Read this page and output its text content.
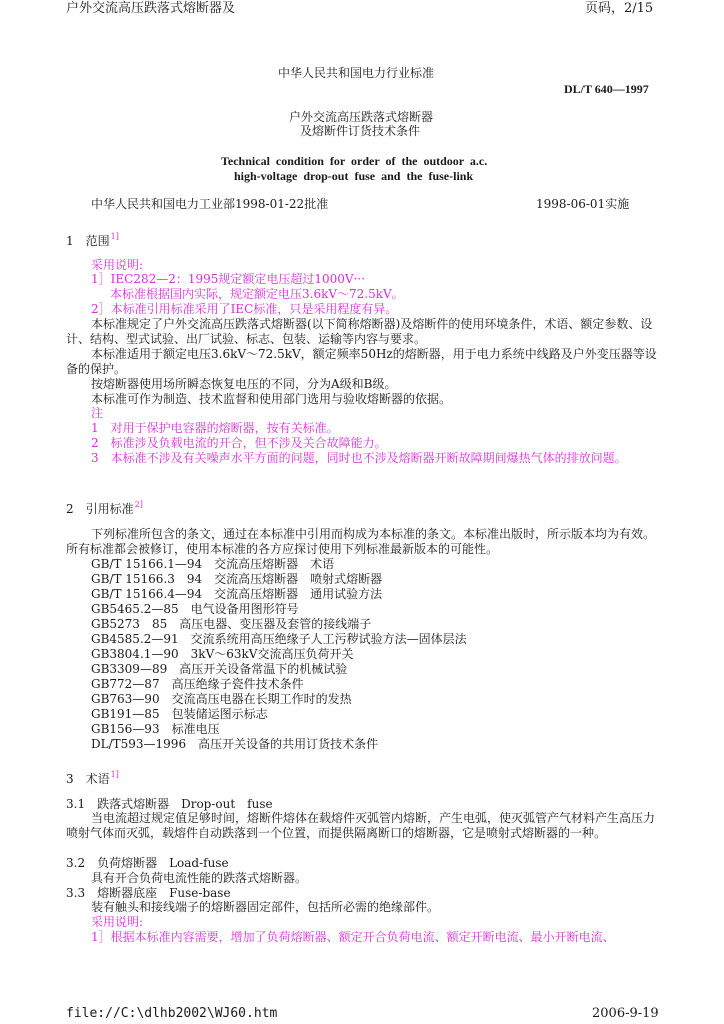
户外交流高压跌落式熔断器及	页码，2/15
中华人民共和国电力行业标准
DL/T 640—1997
户外交流高压跌落式熔断器
及熔断件订货技术条件
Technical condition for order of the outdoor a.c.
high-voltage drop-out fuse and the fuse-link
中华人民共和国电力工业部1998-01-22批准	1998-06-01实施
1　范围$^{1]}$
采用说明:
1］IEC282—2：1995规定额定电压超过1000V···
本标准根据国内实际，规定额定电压3.6kV～72.5kV。
2］本标准引用标准采用了IEC标准，只是采用程度有异。
本标准规定了户外交流高压跌落式熔断器(以下简称熔断器)及熔断件的使用环境条件，术语、额定参数、设计、结构、型式试验、出厂试验、标志、包装、运输等内容与要求。
本标准适用于额定电压3.6kV～72.5kV，额定频率50Hz的熔断器，用于电力系统中线路及户外变压器等设备的保护。
按熔断器使用场所瞬态恢复电压的不同，分为A级和B级。
本标准可作为制造、技术监督和使用部门选用与验收熔断器的依据。
注
1　对用于保护电容器的熔断器，按有关标准。
2　标准涉及负载电流的开合，但不涉及关合故障能力。
3　本标准不涉及有关噪声水平方面的问题，同时也不涉及熔断器开断故障期间爆热气体的排放问题。
2　引用标准$^{2]}$
下列标准所包含的条文，通过在本标准中引用而构成为本标准的条文。本标准出版时，所示版本均为有效。所有标准都会被修订，使用本标准的各方应探讨使用下列标准最新版本的可能性。
GB/T 15166.1—94　交流高压熔断器　术语
GB/T 15166.3　94　交流高压熔断器　喷射式熔断器
GB/T 15166.4—94　交流高压熔断器　通用试验方法
GB5465.2—85　电气设备用图形符号
GB5273　85　高压电器、变压器及套管的接线端子
GB4585.2—91　交流系统用高压绝缘子人工污秽试验方法—固体层法
GB3804.1—90　3kV～63kV交流高压负荷开关
GB3309—89　高压开关设备常温下的机械试验
GB772—87　高压绝缘子瓷件技术条件
GB763—90　交流高压电器在长期工作时的发热
GB191—85　包装储运图示标志
GB156—93　标准电压
DL/T593—1996　高压开关设备的共用订货技术条件
3　术语$^{1]}$
3.1　跌落式熔断器　Drop-out　fuse
当电流超过规定值足够时间，熔断件熔体在载熔件灭弧管内熔断，产生电弧，使灭弧管产气材料产生高压力喷射气体而灭弧，载熔件自动跌落到一个位置，而提供隔离断口的熔断器，它是喷射式熔断器的一种。
3.2　负荷熔断器　Load-fuse
具有开合负荷电流性能的跌落式熔断器。
3.3　熔断器底座　Fuse-base
装有触头和接线端子的熔断器固定部件，包括所必需的绝缘部件。
采用说明:
1］根据本标准内容需要，增加了负荷熔断器、额定开合负荷电流、额定开断电流、最小开断电流、
file://C:\dlhb2002\WJ60.htm	2006-9-19
